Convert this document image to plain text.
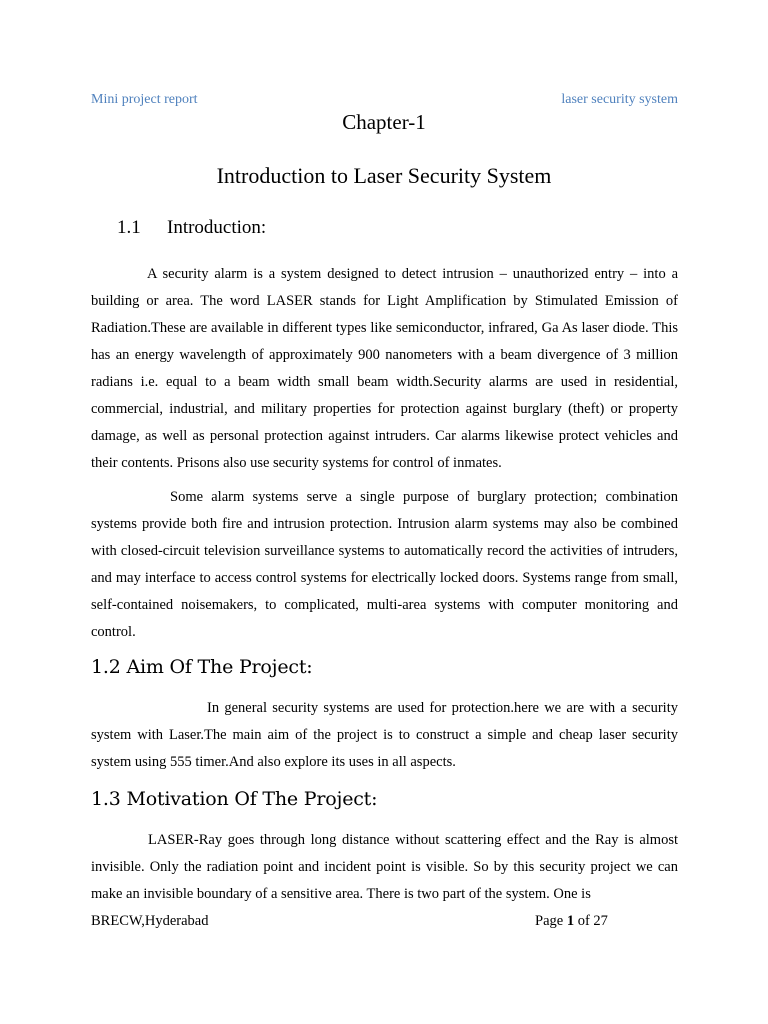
Mini project report	laser security system
Chapter-1
Introduction to Laser Security System
1.1 Introduction:
A security alarm is a system designed to detect intrusion – unauthorized entry – into a building or area. The word LASER stands for Light Amplification by Stimulated Emission of Radiation.These are available in different types like semiconductor, infrared, Ga As laser diode. This has an energy wavelength of approximately 900 nanometers with a beam divergence of 3 million radians i.e. equal to a beam width small beam width.Security alarms are used in residential, commercial, industrial, and military properties for protection against burglary (theft) or property damage, as well as personal protection against intruders. Car alarms likewise protect vehicles and their contents. Prisons also use security systems for control of inmates.
Some alarm systems serve a single purpose of burglary protection; combination systems provide both fire and intrusion protection. Intrusion alarm systems may also be combined with closed-circuit television surveillance systems to automatically record the activities of intruders, and may interface to access control systems for electrically locked doors. Systems range from small, self-contained noisemakers, to complicated, multi-area systems with computer monitoring and control.
1.2 Aim Of The Project:
In general security systems are used for protection.here we are with a security system with Laser.The main aim of the project is to construct a simple and cheap laser security system using 555 timer.And also explore its uses in all aspects.
1.3 Motivation Of The Project:
LASER-Ray goes through long distance without scattering effect and the Ray is almost invisible. Only the radiation point and incident point is visible. So by this security project we can make an invisible boundary of a sensitive area. There is two part of the system. One is
BRECW,Hyderabad	Page 1 of 27
